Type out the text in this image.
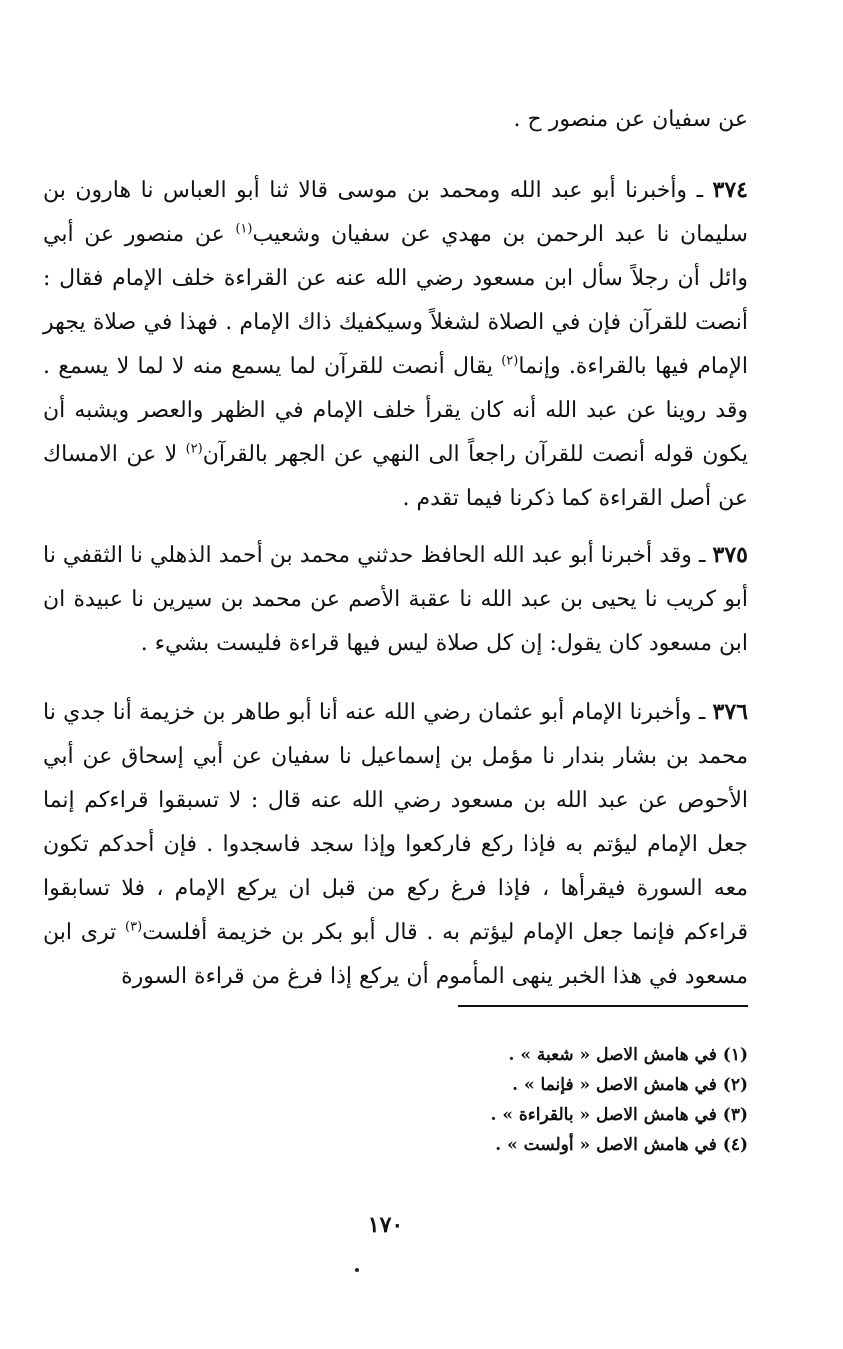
عن سفيان عن منصور ح .

٣٧٤ ـ وأخبرنا أبو عبد الله ومحمد بن موسى قالا ثنا أبو العباس نا هارون بن سليمان نا عبد الرحمن بن مهدي عن سفيان وشعيب$^{(١)}$ عن منصور عن أبي وائل أن رجلاً سأل ابن مسعود رضي الله عنه عن القراءة خلف الإمام فقال : أنصت للقرآن فإن في الصلاة لشغلاً وسيكفيك ذاك الإمام . فهذا في صلاة يجهر الإمام فيها بالقراءة. وإنما$^{(٢)}$ يقال أنصت للقرآن لما يسمع منه لا لما لا يسمع . وقد روينا عن عبد الله أنه كان يقرأ خلف الإمام في الظهر والعصر ويشبه أن يكون قوله أنصت للقرآن راجعاً الى النهي عن الجهر بالقرآن$^{(٢)}$ لا عن الامساك عن أصل القراءة كما ذكرنا فيما تقدم .

٣٧٥ ـ وقد أخبرنا أبو عبد الله الحافظ حدثني محمد بن أحمد الذهلي نا الثقفي نا أبو كريب نا يحيى بن عبد الله نا عقبة الأصم عن محمد بن سيرين نا عبيدة ان ابن مسعود كان يقول: إن كل صلاة ليس فيها قراءة فليست بشيء .

٣٧٦ ـ وأخبرنا الإمام أبو عثمان رضي الله عنه أنا أبو طاهر بن خزيمة أنا جدي نا محمد بن بشار بندار نا مؤمل بن إسماعيل نا سفيان عن أبي إسحاق عن أبي الأحوص عن عبد الله بن مسعود رضي الله عنه قال : لا تسبقوا قراءكم إنما جعل الإمام ليؤتم به فإذا ركع فاركعوا وإذا سجد فاسجدوا . فإن أحدكم تكون معه السورة فيقرأها ، فإذا فرغ ركع من قبل ان يركع الإمام ، فلا تسابقوا قراءكم فإنما جعل الإمام ليؤتم به . قال أبو بكر بن خزيمة أفلست$^{(٣)}$ ترى ابن مسعود في هذا الخبر ينهى المأموم أن يركع إذا فرغ من قراءة السورة

(١) في هامش الاصل « شعبة » .
(٢) في هامش الاصل « فإنما » .
(٣) في هامش الاصل « بالقراءة » .
(٤) في هامش الاصل « أولست » .
١٧٠
